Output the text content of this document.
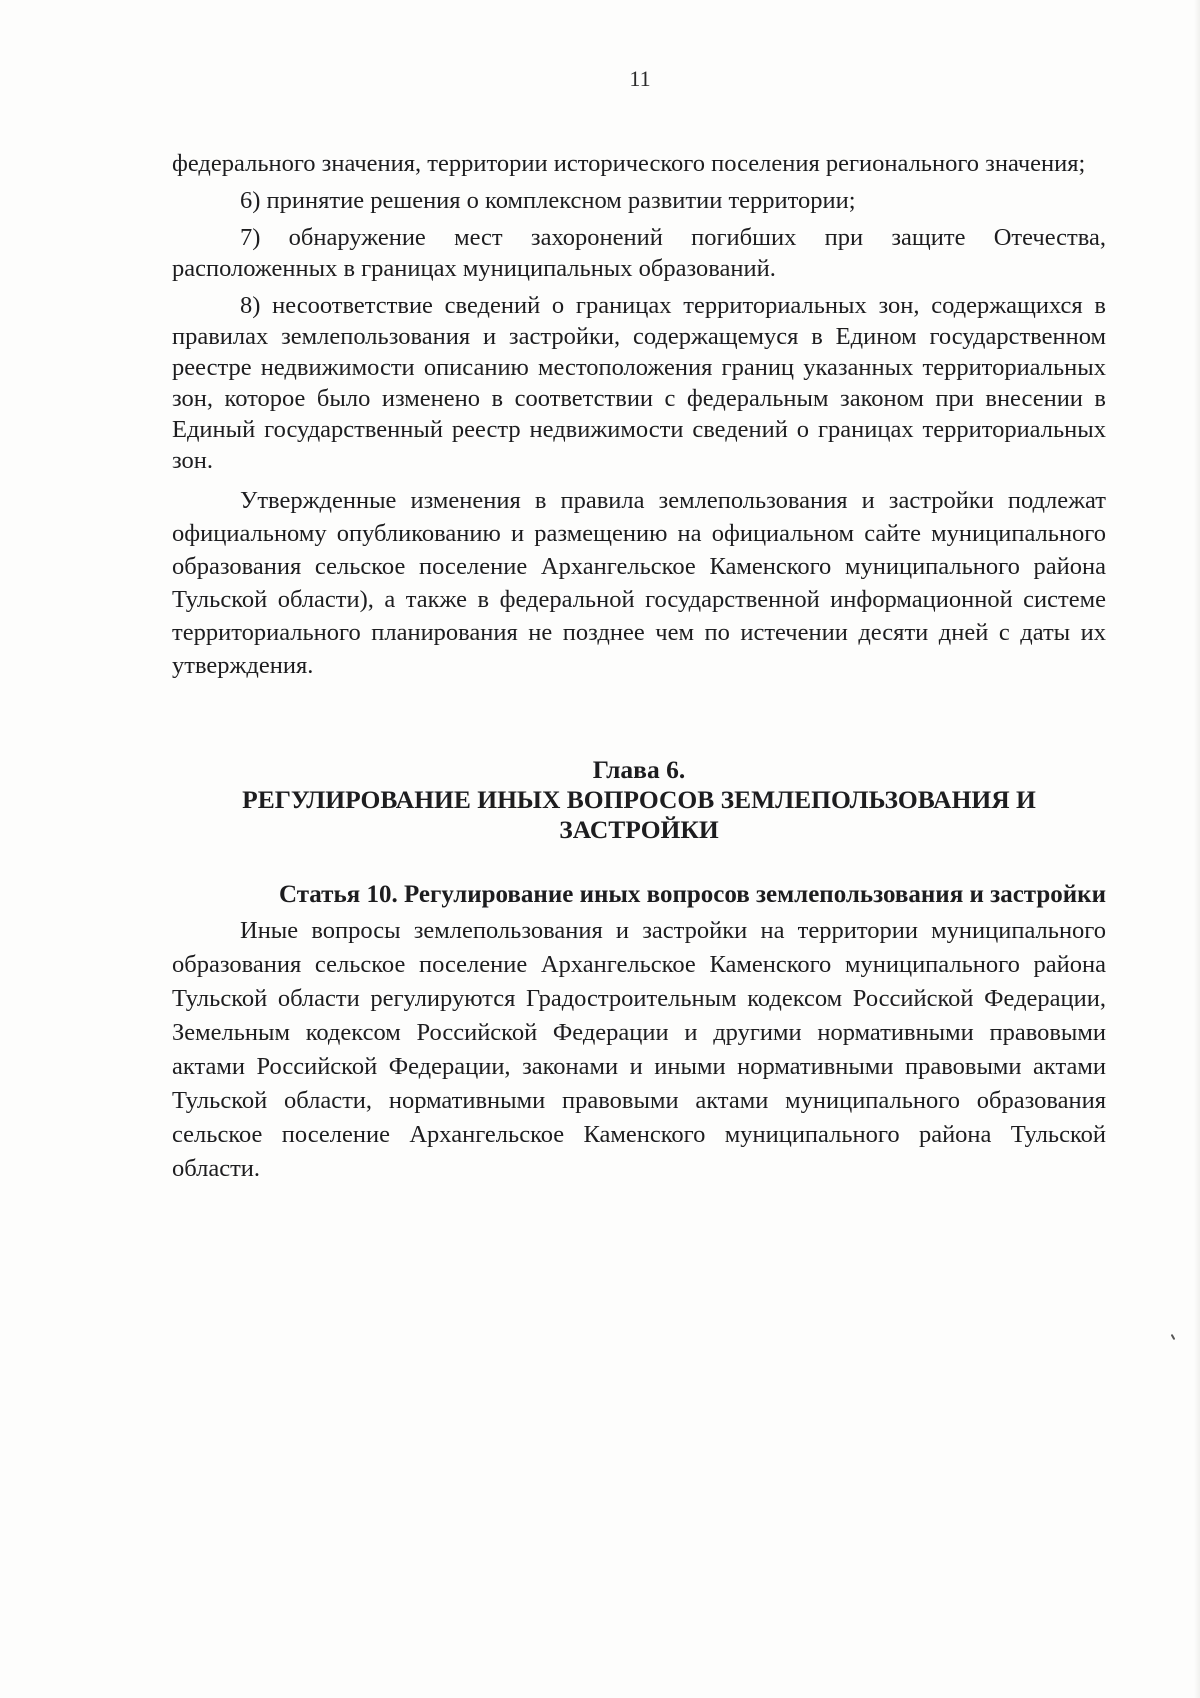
11

федерального значения, территории исторического поселения регионального значения;

6) принятие решения о комплексном развитии территории;

7) обнаружение мест захоронений погибших при защите Отечества, расположенных в границах муниципальных образований.

8) несоответствие сведений о границах территориальных зон, содержащихся в правилах землепользования и застройки, содержащемуся в Едином государственном реестре недвижимости описанию местоположения границ указанных территориальных зон, которое было изменено в соответствии с федеральным законом при внесении в Единый государственный реестр недвижимости сведений о границах территориальных зон.

Утвержденные изменения в правила землепользования и застройки подлежат официальному опубликованию и размещению на официальном сайте муниципального образования сельское поселение Архангельское Каменского муниципального района Тульской области), а также в федеральной государственной информационной системе территориального планирования не позднее чем по истечении десяти дней с даты их утверждения.

Глава 6.
РЕГУЛИРОВАНИЕ ИНЫХ ВОПРОСОВ ЗЕМЛЕПОЛЬЗОВАНИЯ И ЗАСТРОЙКИ
Статья 10. Регулирование иных вопросов землепользования и застройки

Иные вопросы землепользования и застройки на территории муниципального образования сельское поселение Архангельское Каменского муниципального района Тульской области регулируются Градостроительным кодексом Российской Федерации, Земельным кодексом Российской Федерации и другими нормативными правовыми актами Российской Федерации, законами и иными нормативными правовыми актами Тульской области, нормативными правовыми актами муниципального образования сельское поселение Архангельское Каменского муниципального района Тульской области.
